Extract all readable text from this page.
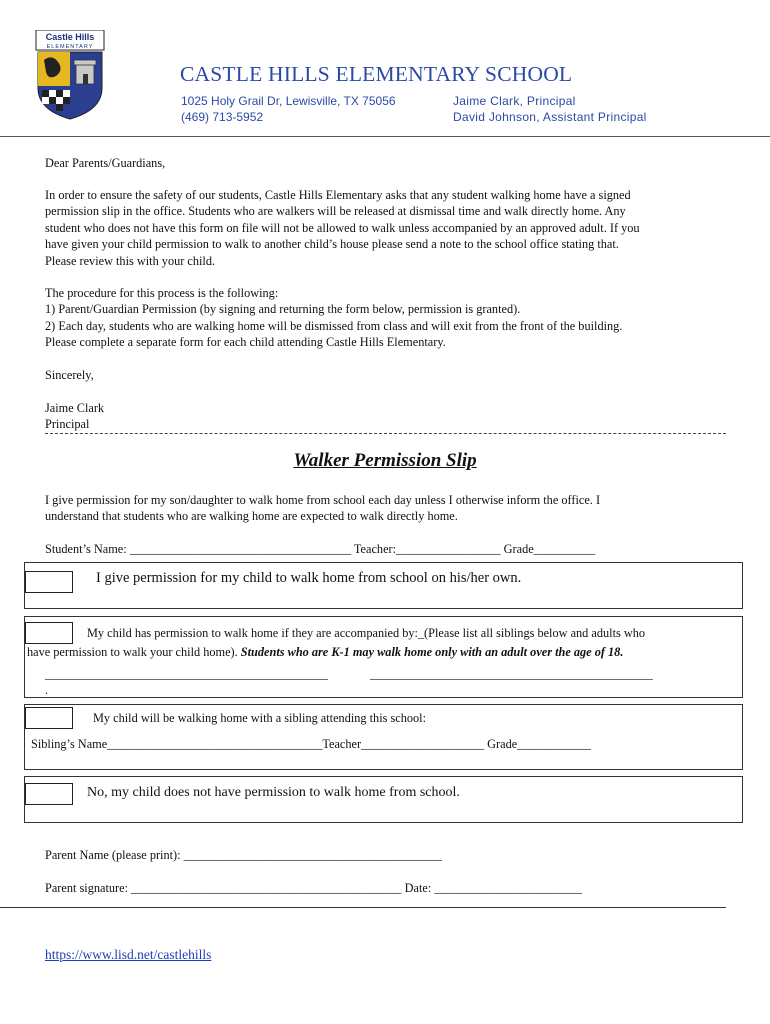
Castle Hills
ELEMENTARY
CASTLE HILLS ELEMENTARY SCHOOL
1025 Holy Grail Dr, Lewisville, TX 75056
(469) 713-5952
Jaime Clark, Principal
David Johnson, Assistant Principal
Dear Parents/Guardians,
In order to ensure the safety of our students, Castle Hills Elementary asks that any student walking home have a signed
permission slip in the office. Students who are walkers will be released at dismissal time and walk directly home. Any
student who does not have this form on file will not be allowed to walk unless accompanied by an approved adult. If you
have given your child permission to walk to another child’s house please send a note to the school office stating that.
Please review this with your child.
The procedure for this process is the following:
1) Parent/Guardian Permission (by signing and returning the form below, permission is granted).
2) Each day, students who are walking home will be dismissed from class and will exit from the front of the building.
Please complete a separate form for each child attending Castle Hills Elementary.
Sincerely,
Jaime Clark
Principal
Walker Permission Slip
I give permission for my son/daughter to walk home from school each day unless I otherwise inform the office. I
understand that students who are walking home are expected to walk directly home.
Student’s Name: ____________________________________ Teacher:_________________ Grade__________
I give permission for my child to walk home from school on his/her own.
My child has permission to walk home if they are accompanied by:_(Please list all siblings below and adults who
have permission to walk your child home). Students who are K-1 may walk home only with an adult over the age of 18.
______________________________________________	______________________________________________
.
My child will be walking home with a sibling attending this school:
Sibling’s Name___________________________________Teacher____________________ Grade____________
No, my child does not have permission to walk home from school.
Parent Name (please print): __________________________________________
Parent signature: ____________________________________________ Date: ________________________
https://www.lisd.net/castlehills
